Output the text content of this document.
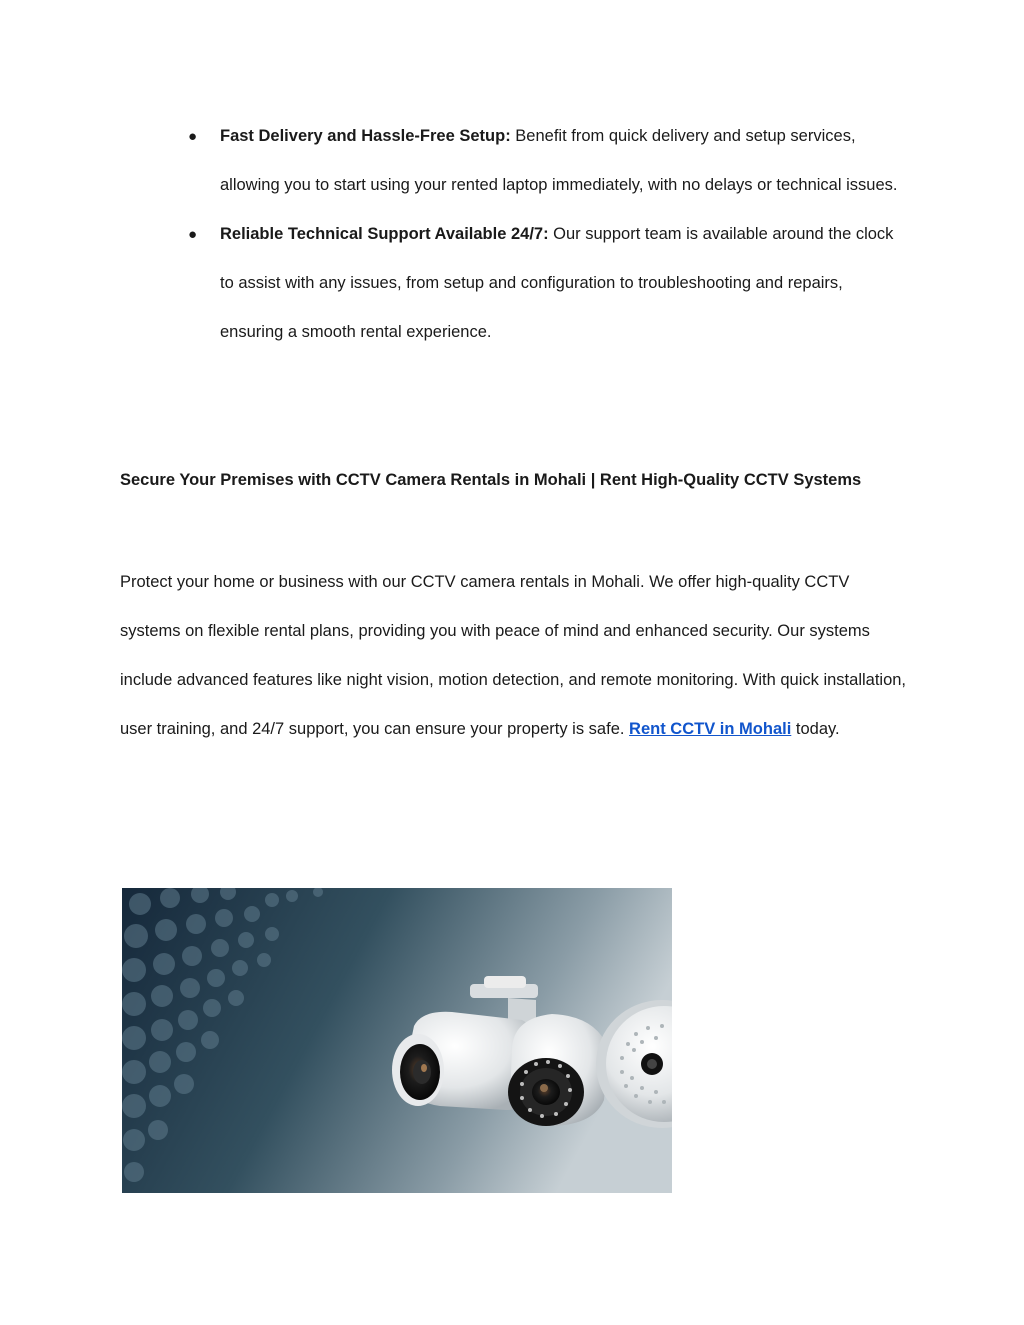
● Fast Delivery and Hassle-Free Setup: Benefit from quick delivery and setup services, allowing you to start using your rented laptop immediately, with no delays or technical issues.
● Reliable Technical Support Available 24/7: Our support team is available around the clock to assist with any issues, from setup and configuration to troubleshooting and repairs, ensuring a smooth rental experience.

Secure Your Premises with CCTV Camera Rentals in Mohali | Rent High-Quality CCTV Systems

Protect your home or business with our CCTV camera rentals in Mohali. We offer high-quality CCTV systems on flexible rental plans, providing you with peace of mind and enhanced security. Our systems include advanced features like night vision, motion detection, and remote monitoring. With quick installation, user training, and 24/7 support, you can ensure your property is safe. Rent CCTV in Mohali today.
